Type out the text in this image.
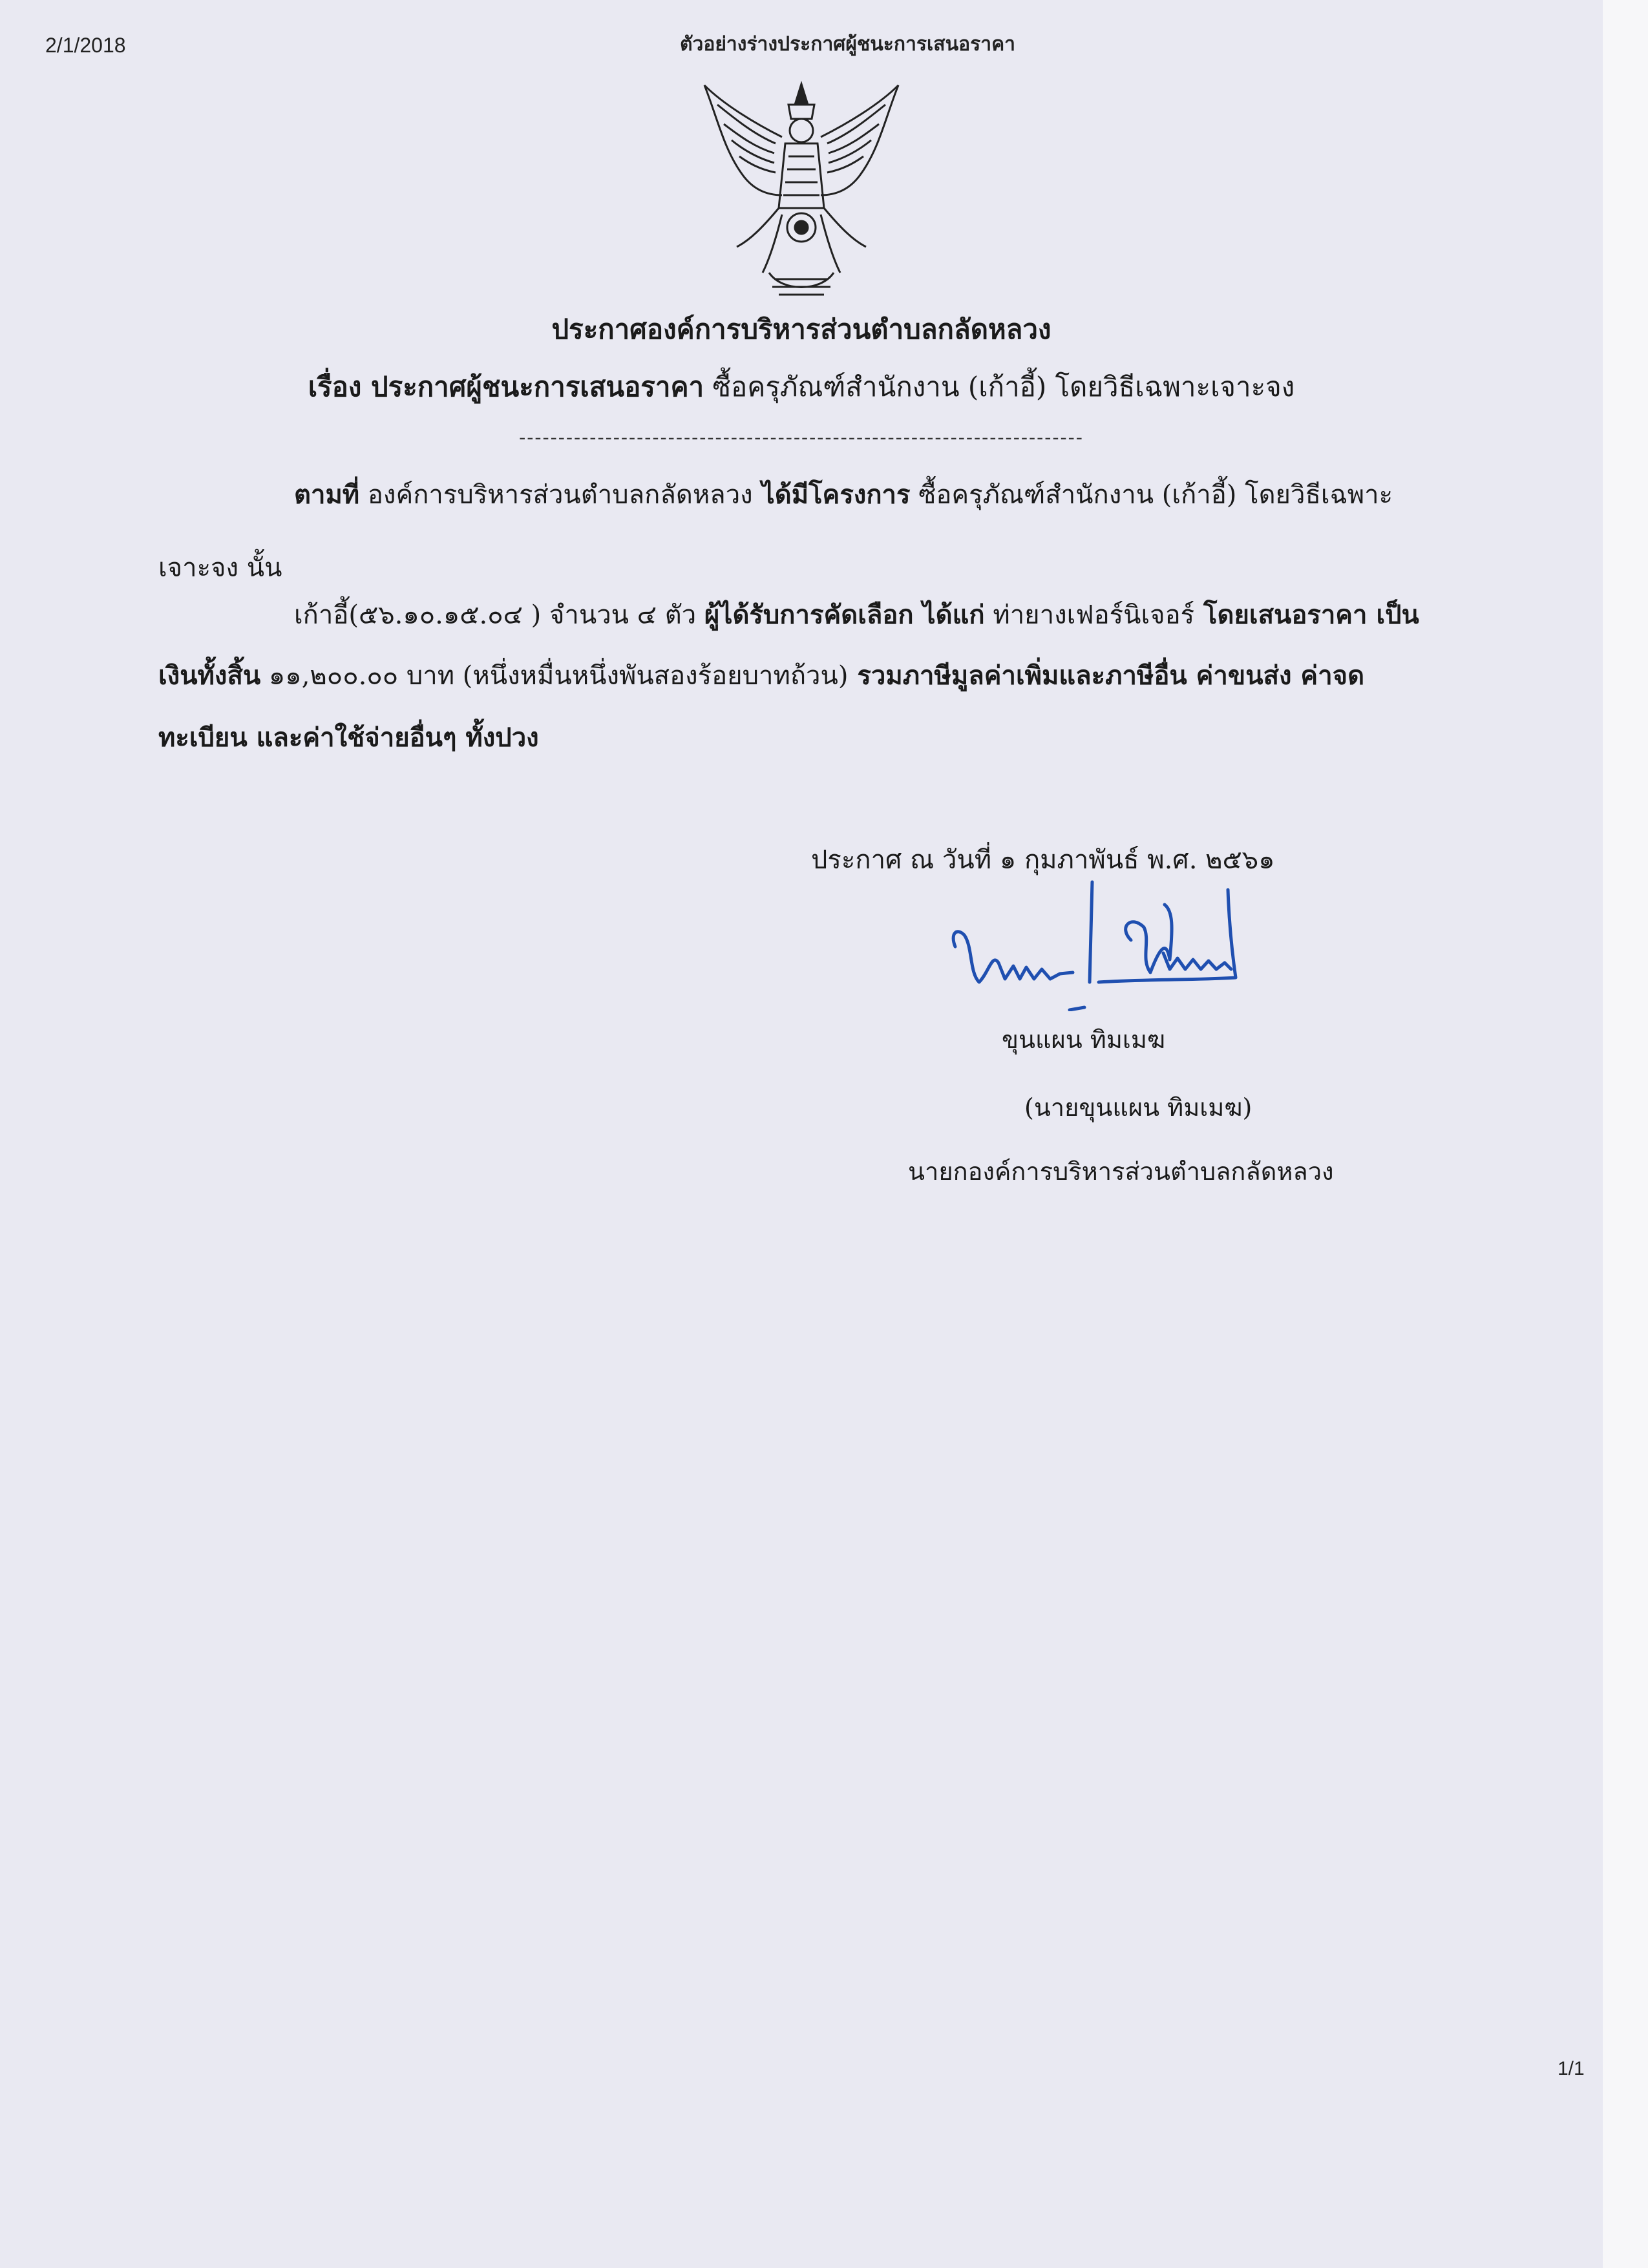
2/1/2018	ตัวอย่างร่างประกาศผู้ชนะการเสนอราคา
ประกาศองค์การบริหารส่วนตำบลกลัดหลวง
เรื่อง ประกาศผู้ชนะการเสนอราคา ซื้อครุภัณฑ์สำนักงาน (เก้าอี้) โดยวิธีเฉพาะเจาะจง
------------------------------------------------------------------------
ตามที่ องค์การบริหารส่วนตำบลกลัดหลวง ได้มีโครงการ ซื้อครุภัณฑ์สำนักงาน (เก้าอี้) โดยวิธีเฉพาะ
เจาะจง นั้น
เก้าอี้(๕๖.๑๐.๑๕.๐๔ ) จำนวน ๔ ตัว ผู้ได้รับการคัดเลือก ได้แก่ ท่ายางเฟอร์นิเจอร์ โดยเสนอราคา เป็น
เงินทั้งสิ้น ๑๑,๒๐๐.๐๐ บาท (หนึ่งหมื่นหนึ่งพันสองร้อยบาทถ้วน) รวมภาษีมูลค่าเพิ่มและภาษีอื่น ค่าขนส่ง ค่าจด
ทะเบียน และค่าใช้จ่ายอื่นๆ ทั้งปวง
ประกาศ ณ วันที่ ๑ กุมภาพันธ์ พ.ศ. ๒๕๖๑
ขุนแผน ทิมเมฆ
(นายขุนแผน ทิมเมฆ)
นายกองค์การบริหารส่วนตำบลกลัดหลวง
1/1
